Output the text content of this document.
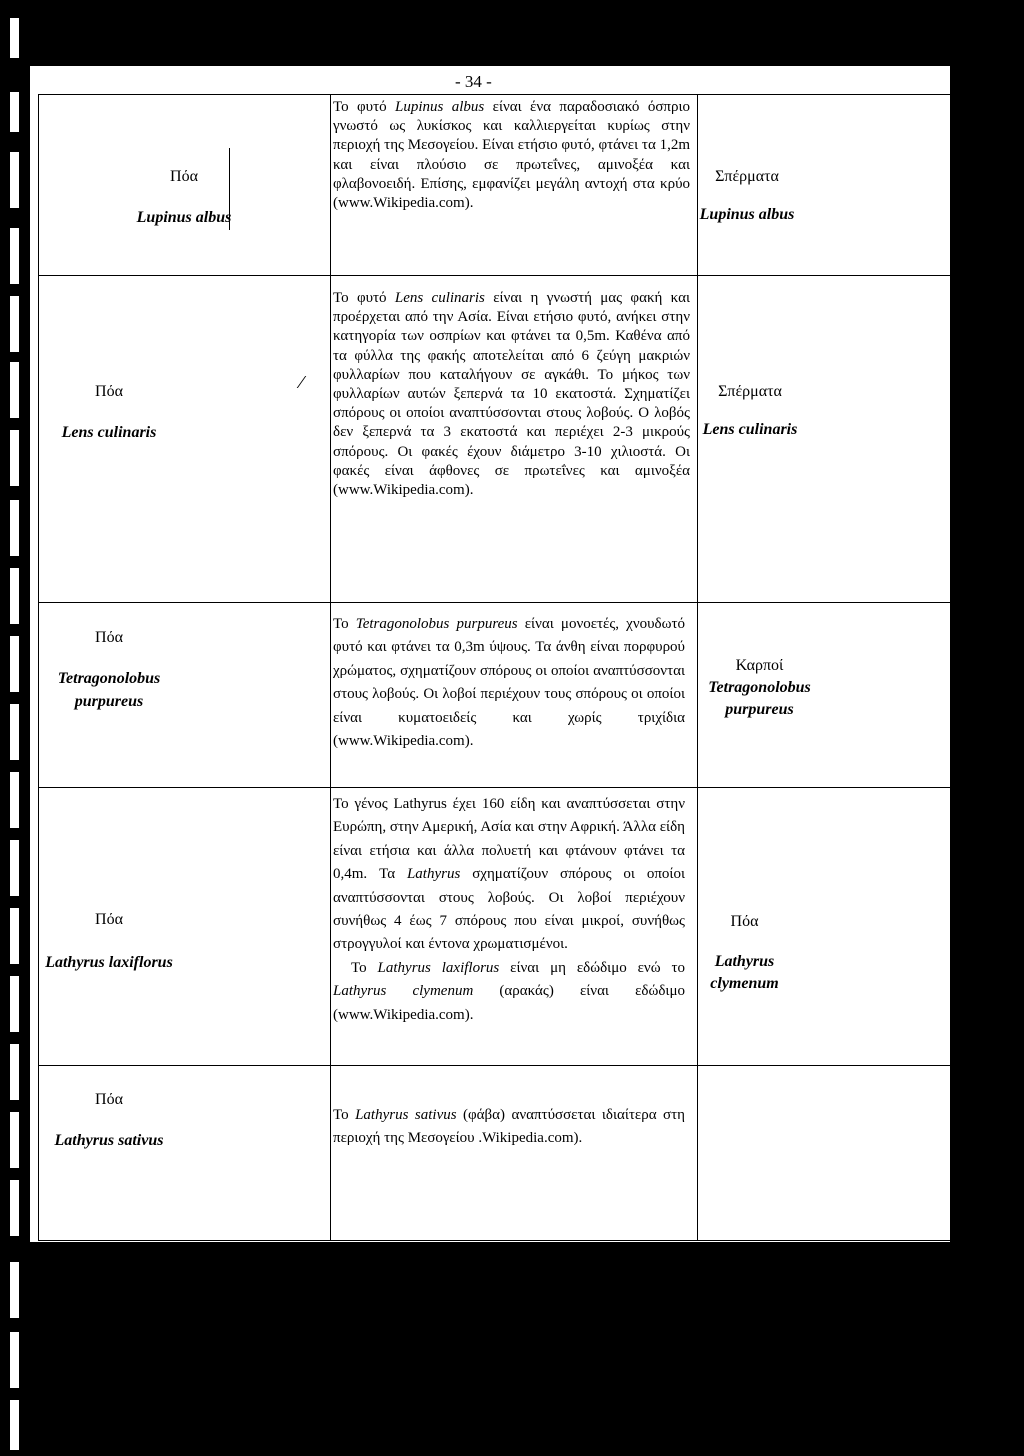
- 34 -
⁄
Πόα
Lupinus albus

Το φυτό Lupinus albus είναι ένα παραδοσιακό όσπριο γνωστό ως λυκίσκος και καλλιεργείται κυρίως στην περιοχή της Μεσογείου. Είναι ετήσιο φυτό, φτάνει τα 1,2m και είναι πλούσιο σε πρωτεΐνες, αμινοξέα και φλαβονοειδή. Επίσης, εμφανίζει μεγάλη αντοχή στα κρύο (www.Wikipedia.com).

Σπέρματα
Lupinus albus
Πόα
Lens culinaris

Το φυτό Lens culinaris είναι η γνωστή μας φακή και προέρχεται από την Ασία. Είναι ετήσιο φυτό, ανήκει στην κατηγορία των οσπρίων και φτάνει τα 0,5m. Καθένα από τα φύλλα της φακής αποτελείται από 6 ζεύγη μακριών φυλλαρίων που καταλήγουν σε αγκάθι. Το μήκος των φυλλαρίων αυτών ξεπερνά τα 10 εκατοστά. Σχηματίζει σπόρους οι οποίοι αναπτύσσονται στους λοβούς. Ο λοβός δεν ξεπερνά τα 3 εκατοστά και περιέχει 2-3 μικρούς σπόρους. Οι φακές έχουν διάμετρο 3-10 χιλιοστά. Οι φακές είναι άφθονες σε πρωτεΐνες και αμινοξέα (www.Wikipedia.com).

Σπέρματα
Lens culinaris
Πόα
Tetragonolobus purpureus

Το Tetragonolobus purpureus είναι μονοετές, χνουδωτό φυτό και φτάνει τα 0,3m ύψους. Τα άνθη είναι πορφυρού χρώματος, σχηματίζουν σπόρους οι οποίοι αναπτύσσονται στους λοβούς. Οι λοβοί περιέχουν τους σπόρους οι οποίοι είναι κυματοειδείς και χωρίς τριχίδια (www.Wikipedia.com).

Καρποί
Tetragonolobus purpureus
Πόα
Lathyrus laxiflorus

Το γένος Lathyrus έχει 160 είδη και αναπτύσσεται στην Ευρώπη, στην Αμερική, Ασία και στην Αφρική. Άλλα είδη είναι ετήσια και άλλα πολυετή και φτάνουν φτάνει τα 0,4m. Τα Lathyrus σχηματίζουν σπόρους οι οποίοι αναπτύσσονται στους λοβούς. Οι λοβοί περιέχουν συνήθως 4 έως 7 σπόρους που είναι μικροί, συνήθως στρογγυλοί και έντονα χρωματισμένοι.

Το Lathyrus laxiflorus είναι μη εδώδιμο ενώ το Lathyrus clymenum (αρακάς) είναι εδώδιμο (www.Wikipedia.com).

Πόα
Lathyrus clymenum
Πόα
Lathyrus sativus

Το Lathyrus sativus (φάβα) αναπτύσσεται ιδιαίτερα στη περιοχή της Μεσογείου .Wikipedia.com).
